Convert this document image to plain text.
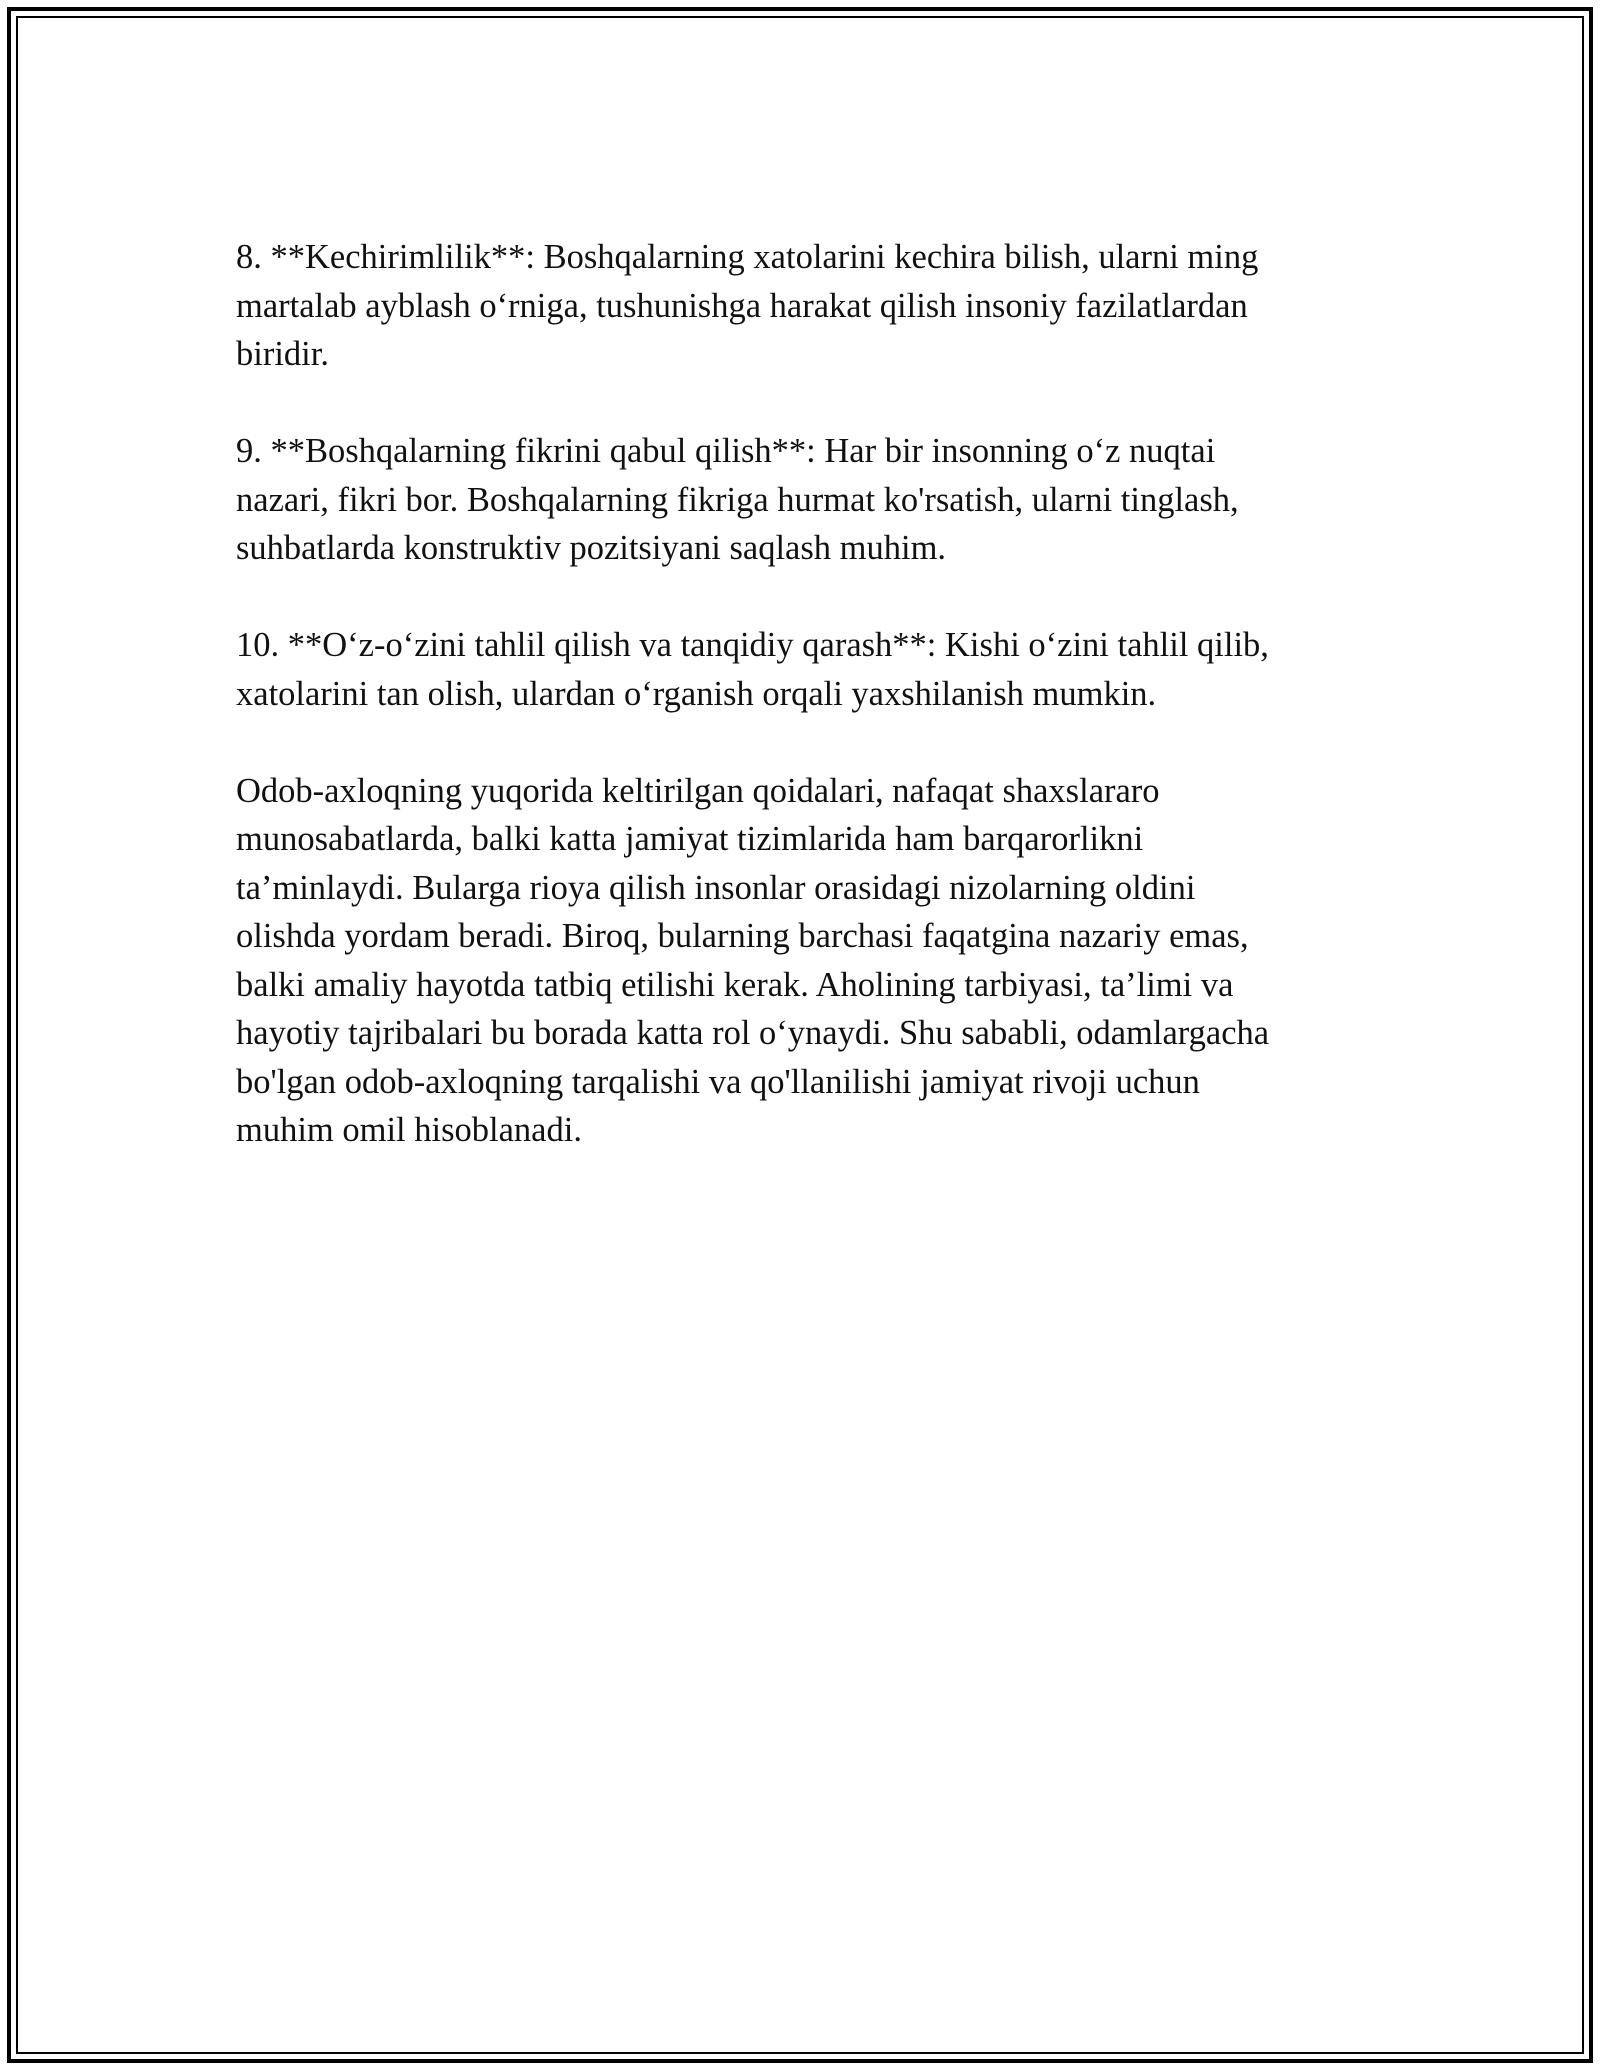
8. **Kechirimlilik**: Boshqalarning xatolarini kechira bilish, ularni ming
martalab ayblash o‘rniga, tushunishga harakat qilish insoniy fazilatlardan
biridir.

9. **Boshqalarning fikrini qabul qilish**: Har bir insonning o‘z nuqtai
nazari, fikri bor. Boshqalarning fikriga hurmat ko'rsatish, ularni tinglash,
suhbatlarda konstruktiv pozitsiyani saqlash muhim.

10. **O‘z-o‘zini tahlil qilish va tanqidiy qarash**: Kishi o‘zini tahlil qilib,
xatolarini tan olish, ulardan o‘rganish orqali yaxshilanish mumkin.

Odob-axloqning yuqorida keltirilgan qoidalari, nafaqat shaxslararo
munosabatlarda, balki katta jamiyat tizimlarida ham barqarorlikni
ta’minlaydi. Bularga rioya qilish insonlar orasidagi nizolarning oldini
olishda yordam beradi. Biroq, bularning barchasi faqatgina nazariy emas,
balki amaliy hayotda tatbiq etilishi kerak. Aholining tarbiyasi, ta’limi va
hayotiy tajribalari bu borada katta rol o‘ynaydi. Shu sababli, odamlargacha
bo'lgan odob-axloqning tarqalishi va qo'llanilishi jamiyat rivoji uchun
muhim omil hisoblanadi.
